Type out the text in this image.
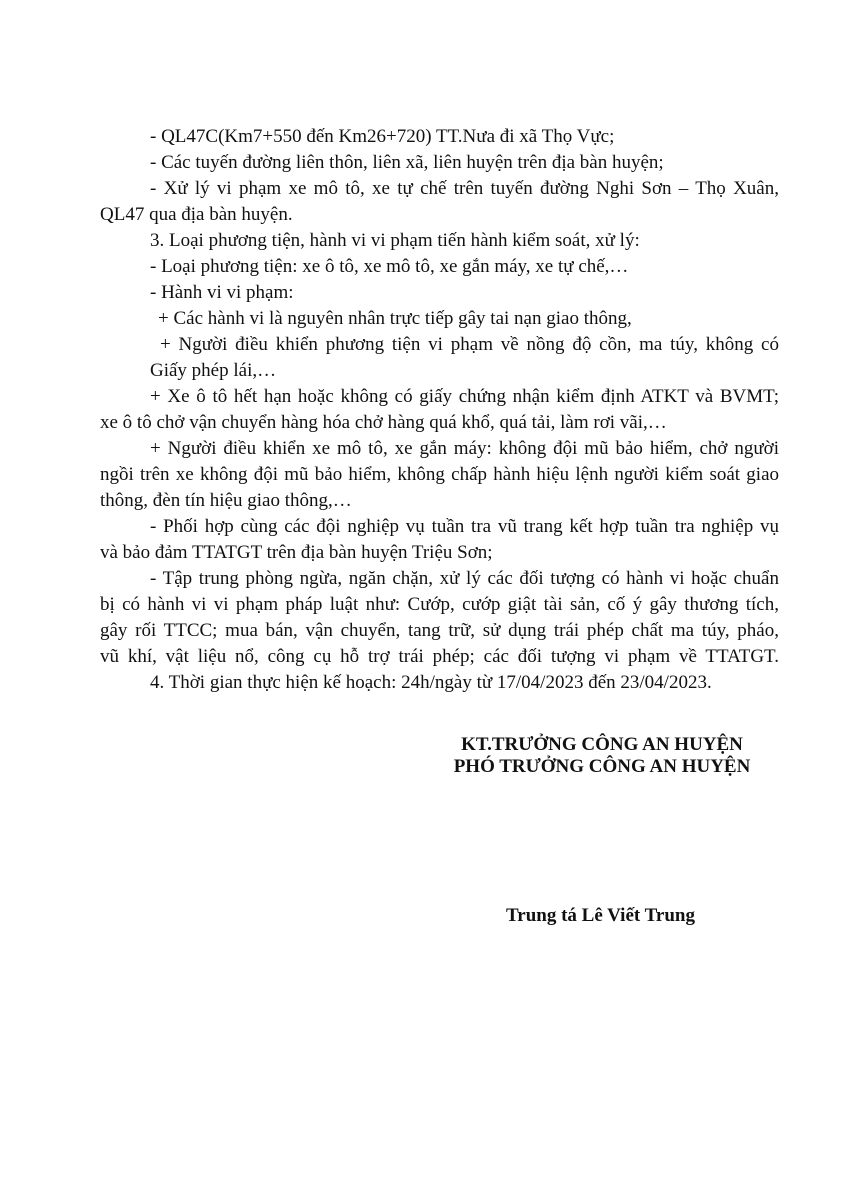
- QL47C(Km7+550 đến Km26+720) TT.Nưa đi xã Thọ Vực;
- Các tuyến đường liên thôn, liên xã, liên huyện trên địa bàn huyện;
- Xử lý vi phạm xe mô tô, xe tự chế trên tuyến đường Nghi Sơn – Thọ Xuân,
QL47 qua địa bàn huyện.
3. Loại phương tiện, hành vi vi phạm tiến hành kiểm soát, xử lý:
- Loại phương tiện: xe ô tô, xe mô tô, xe gắn máy, xe tự chế,…
- Hành vi vi phạm:
+ Các hành vi là nguyên nhân trực tiếp gây tai nạn giao thông,
+ Người điều khiển phương tiện vi phạm về nồng độ cồn, ma túy, không có
Giấy phép lái,…
+ Xe ô tô hết hạn hoặc không có giấy chứng nhận kiểm định ATKT và BVMT;
xe ô tô chở vận chuyển hàng hóa chở hàng quá khổ, quá tải, làm rơi vãi,…
+ Người điều khiển xe mô tô, xe gắn máy: không đội mũ bảo hiểm, chở người
ngồi trên xe không đội mũ bảo hiểm, không chấp hành hiệu lệnh người kiểm soát giao
thông, đèn tín hiệu giao thông,…
- Phối hợp cùng các đội nghiệp vụ tuần tra vũ trang kết hợp tuần tra nghiệp vụ
và bảo đảm TTATGT trên địa bàn huyện Triệu Sơn;
- Tập trung phòng ngừa, ngăn chặn, xử lý các đối tượng có hành vi hoặc chuẩn
bị có hành vi vi phạm pháp luật như: Cướp, cướp giật tài sản, cố ý gây thương tích,
gây rối TTCC; mua bán, vận chuyển, tang trữ, sử dụng trái phép chất ma túy, pháo,
vũ khí, vật liệu nổ, công cụ hỗ trợ trái phép; các đối tượng vi phạm về TTATGT.
4. Thời gian thực hiện kế hoạch: 24h/ngày từ 17/04/2023 đến 23/04/2023.
KT.TRƯỞNG CÔNG AN HUYỆN
PHÓ TRƯỞNG CÔNG AN HUYỆN
Trung tá Lê Viết Trung
